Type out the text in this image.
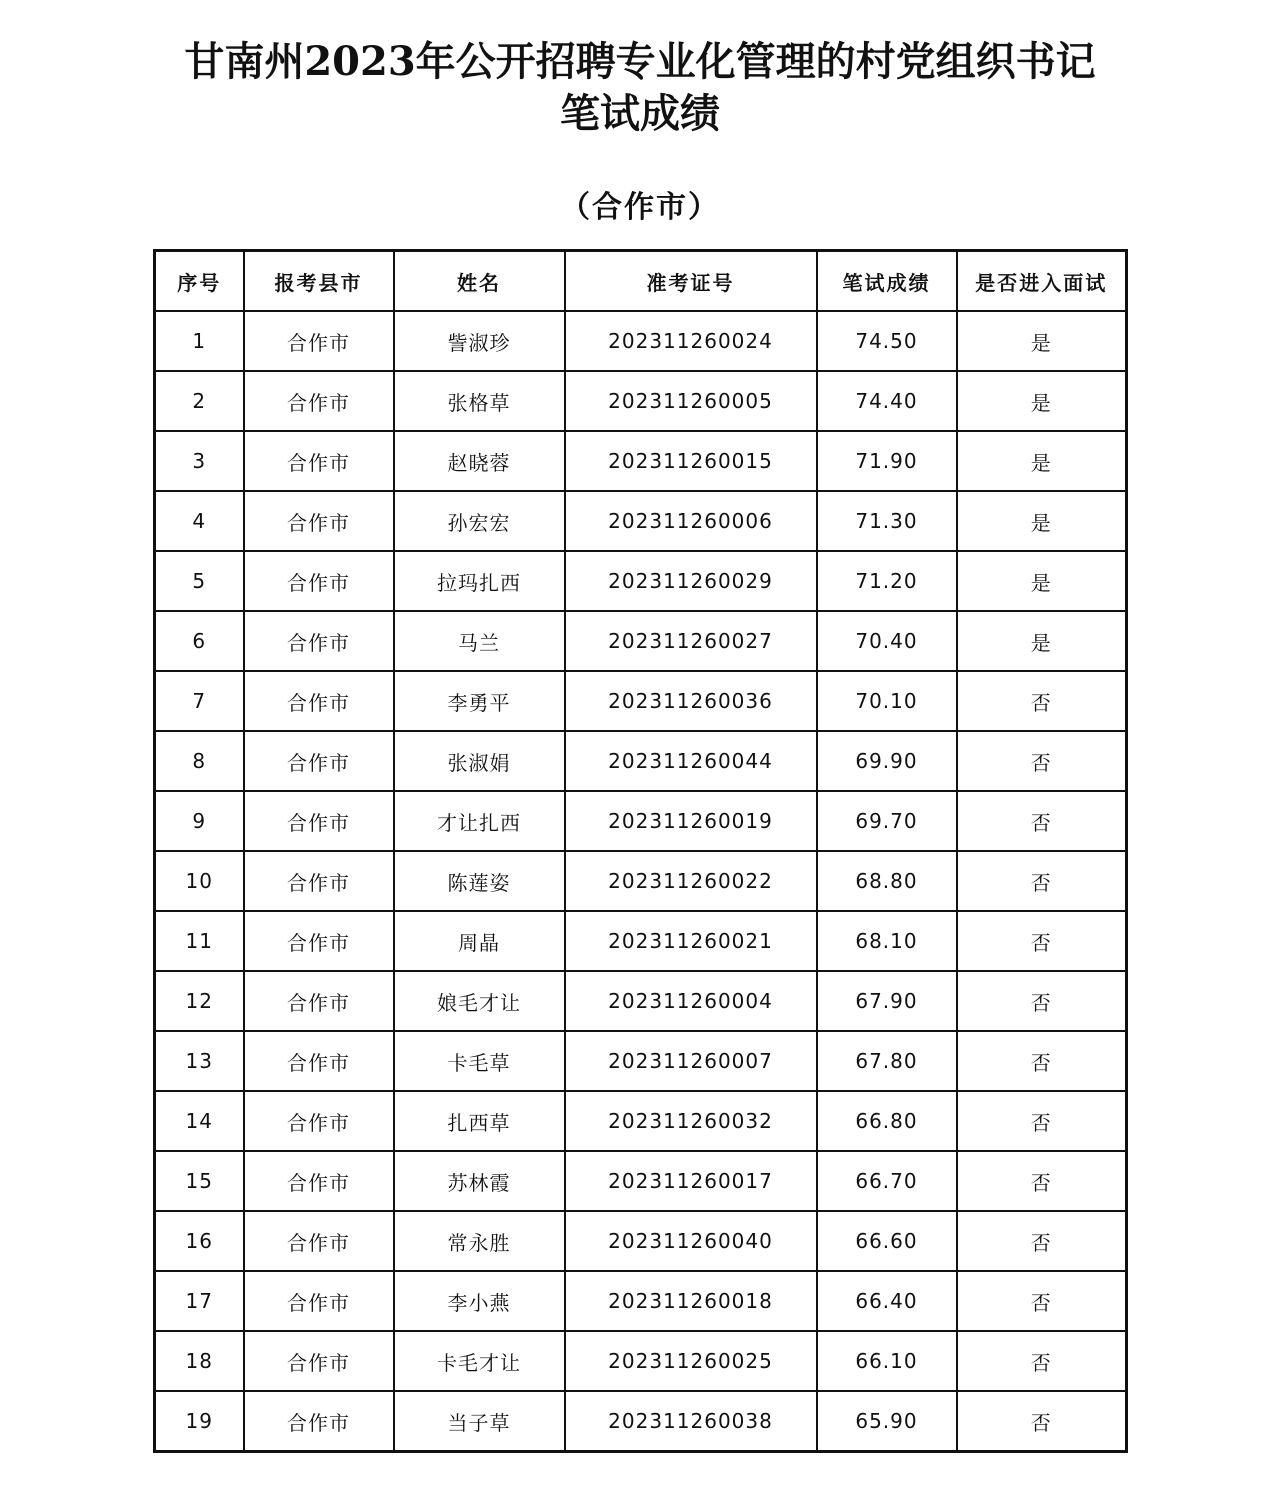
甘南州2023年公开招聘专业化管理的村党组织书记
笔试成绩
（合作市）
序号	报考县市	姓名	准考证号	笔试成绩	是否进入面试
1	合作市	訾淑珍	202311260024	74.50	是
2	合作市	张格草	202311260005	74.40	是
3	合作市	赵晓蓉	202311260015	71.90	是
4	合作市	孙宏宏	202311260006	71.30	是
5	合作市	拉玛扎西	202311260029	71.20	是
6	合作市	马兰	202311260027	70.40	是
7	合作市	李勇平	202311260036	70.10	否
8	合作市	张淑娟	202311260044	69.90	否
9	合作市	才让扎西	202311260019	69.70	否
10	合作市	陈莲姿	202311260022	68.80	否
11	合作市	周晶	202311260021	68.10	否
12	合作市	娘毛才让	202311260004	67.90	否
13	合作市	卡毛草	202311260007	67.80	否
14	合作市	扎西草	202311260032	66.80	否
15	合作市	苏林霞	202311260017	66.70	否
16	合作市	常永胜	202311260040	66.60	否
17	合作市	李小燕	202311260018	66.40	否
18	合作市	卡毛才让	202311260025	66.10	否
19	合作市	当子草	202311260038	65.90	否
